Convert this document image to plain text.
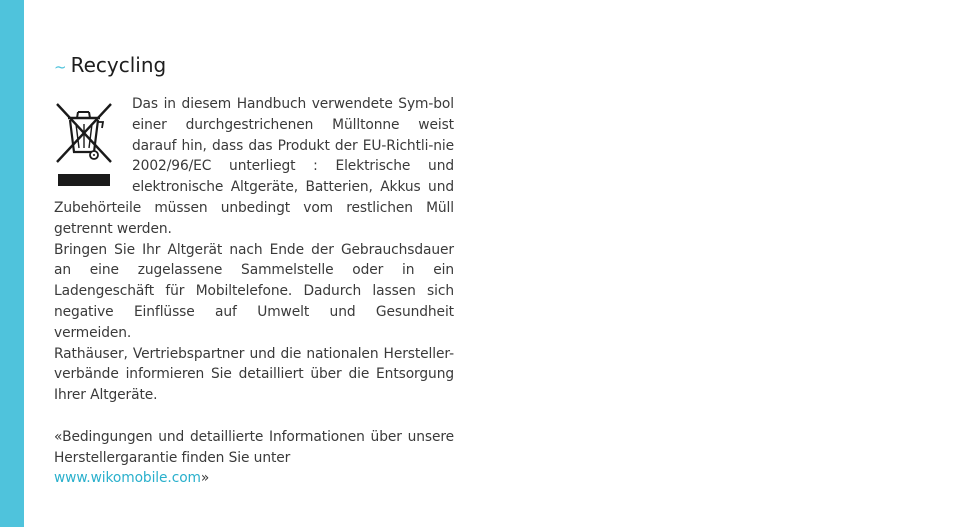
~ Recycling

Das in diesem Handbuch verwendete Sym-bol einer durchgestrichenen Mülltonne weist darauf hin, dass das Produkt der EU-Richtli-nie 2002/96/EC unterliegt : Elektrische und elektronische Altgeräte, Batterien, Akkus und Zubehörteile müssen unbedingt vom restlichen Müll getrennt werden.

Bringen Sie Ihr Altgerät nach Ende der Gebrauchsdauer an eine zugelassene Sammelstelle oder in ein Ladengeschäft für Mobiltelefone. Dadurch lassen sich negative Einflüsse auf Umwelt und Gesundheit vermeiden.

Rathäuser, Vertriebspartner und die nationalen Hersteller-verbände informieren Sie detailliert über die Entsorgung Ihrer Altgeräte.

«Bedingungen und detaillierte Informationen über unsere Herstellergarantie finden Sie unter
www.wikomobile.com»
